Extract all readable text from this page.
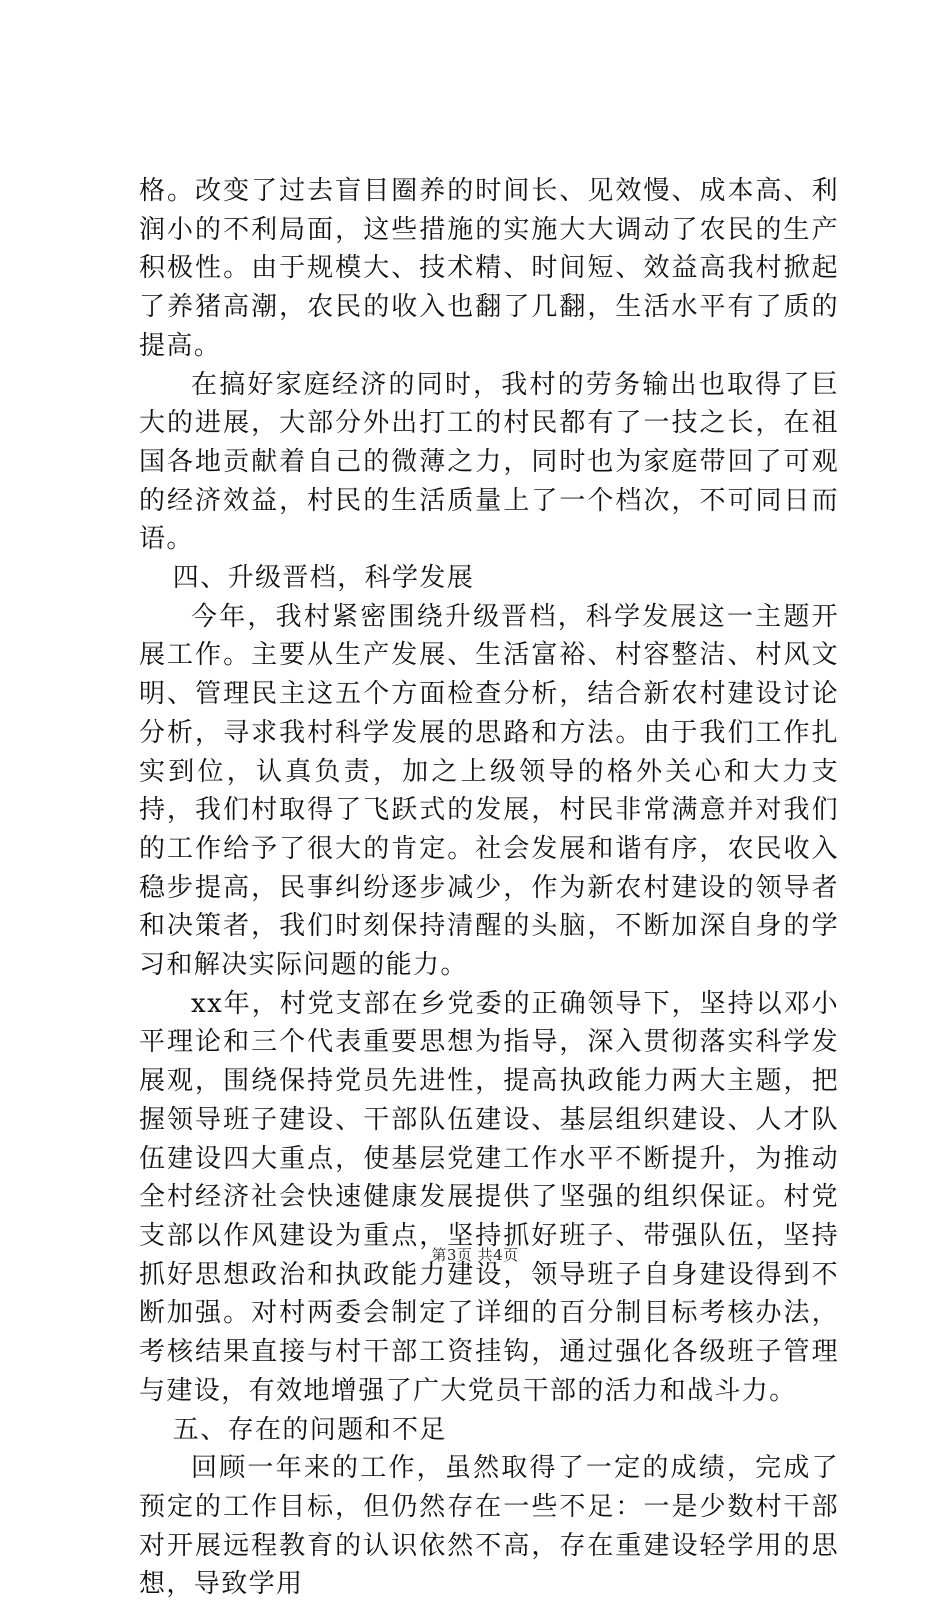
格。改变了过去盲目圈养的时间长、见效慢、成本高、利润小的不利局面，这些措施的实施大大调动了农民的生产积极性。由于规模大、技术精、时间短、效益高我村掀起了养猪高潮，农民的收入也翻了几翻，生活水平有了质的提高。

在搞好家庭经济的同时，我村的劳务输出也取得了巨大的进展，大部分外出打工的村民都有了一技之长，在祖国各地贡献着自己的微薄之力，同时也为家庭带回了可观的经济效益，村民的生活质量上了一个档次，不可同日而语。

四、升级晋档，科学发展

今年，我村紧密围绕升级晋档，科学发展这一主题开展工作。主要从生产发展、生活富裕、村容整洁、村风文明、管理民主这五个方面检查分析，结合新农村建设讨论分析，寻求我村科学发展的思路和方法。由于我们工作扎实到位，认真负责，加之上级领导的格外关心和大力支持，我们村取得了飞跃式的发展，村民非常满意并对我们的工作给予了很大的肯定。社会发展和谐有序，农民收入稳步提高，民事纠纷逐步减少，作为新农村建设的领导者和决策者，我们时刻保持清醒的头脑，不断加深自身的学习和解决实际问题的能力。

xx年，村党支部在乡党委的正确领导下，坚持以邓小平理论和三个代表重要思想为指导，深入贯彻落实科学发展观，围绕保持党员先进性，提高执政能力两大主题，把握领导班子建设、干部队伍建设、基层组织建设、人才队伍建设四大重点，使基层党建工作水平不断提升，为推动全村经济社会快速健康发展提供了坚强的组织保证。村党支部以作风建设为重点，坚持抓好班子、带强队伍，坚持抓好思想政治和执政能力建设，领导班子自身建设得到不断加强。对村两委会制定了详细的百分制目标考核办法，考核结果直接与村干部工资挂钩，通过强化各级班子管理与建设，有效地增强了广大党员干部的活力和战斗力。

五、存在的问题和不足

回顾一年来的工作，虽然取得了一定的成绩，完成了预定的工作目标，但仍然存在一些不足：一是少数村干部对开展远程教育的认识依然不高，存在重建设轻学用的思想，导致学用

第3页 共4页
